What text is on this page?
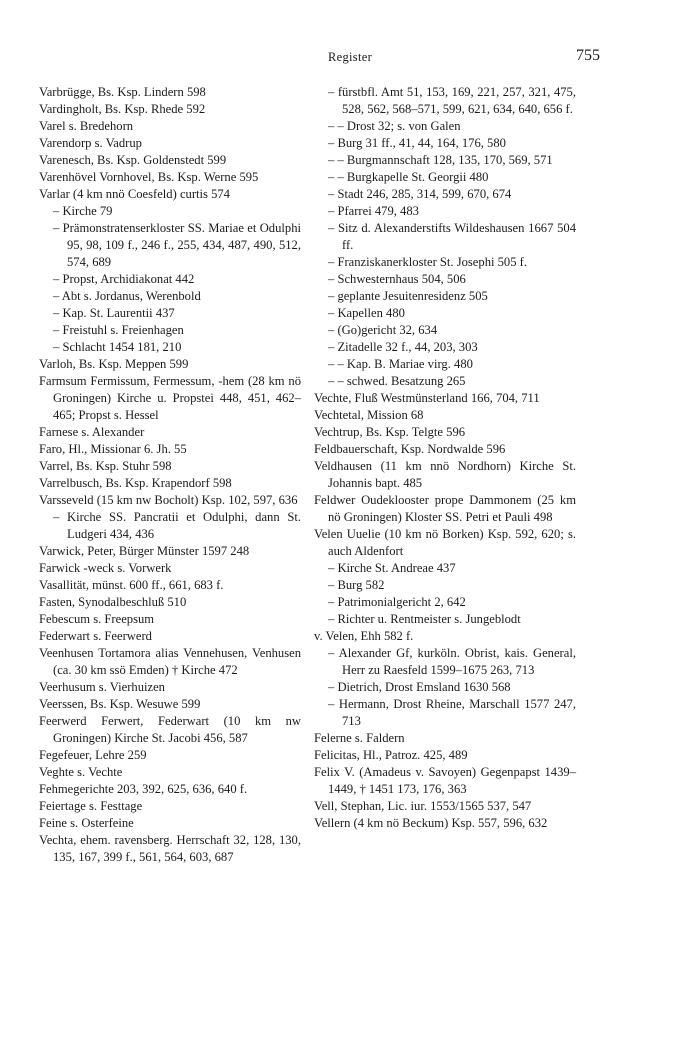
Register	755
Varbrügge, Bs. Ksp. Lindern 598
Vardingholt, Bs. Ksp. Rhede 592
Varel s. Bredehorn
Varendorp s. Vadrup
Varenesch, Bs. Ksp. Goldenstedt 599
Varenhövel Vornhovel, Bs. Ksp. Werne 595
Varlar (4 km nnö Coesfeld) curtis 574
– Kirche 79
– Prämonstratenserkloster SS. Mariae et Odulphi 95, 98, 109 f., 246 f., 255, 434, 487, 490, 512, 574, 689
– Propst, Archidiakonat 442
– Abt s. Jordanus, Werenbold
– Kap. St. Laurentii 437
– Freistuhl s. Freienhagen
– Schlacht 1454 181, 210
Varloh, Bs. Ksp. Meppen 599
Farmsum Fermissum, Fermessum, -hem (28 km nö Groningen) Kirche u. Propstei 448, 451, 462–465; Propst s. Hessel
Farnese s. Alexander
Faro, Hl., Missionar 6. Jh. 55
Varrel, Bs. Ksp. Stuhr 598
Varrelbusch, Bs. Ksp. Krapendorf 598
Varsseveld (15 km nw Bocholt) Ksp. 102, 597, 636
– Kirche SS. Pancratii et Odulphi, dann St. Ludgeri 434, 436
Varwick, Peter, Bürger Münster 1597 248
Farwick -weck s. Vorwerk
Vasallität, münst. 600 ff., 661, 683 f.
Fasten, Synodalbeschluß 510
Febescum s. Freepsum
Federwart s. Feerwerd
Veenhusen Tortamora alias Vennehusen, Venhusen (ca. 30 km ssö Emden) † Kirche 472
Veerhusum s. Vierhuizen
Veerssen, Bs. Ksp. Wesuwe 599
Feerwerd Ferwert, Federwart (10 km nw Groningen) Kirche St. Jacobi 456, 587
Fegefeuer, Lehre 259
Veghte s. Vechte
Fehmegerichte 203, 392, 625, 636, 640 f.
Feiertage s. Festtage
Feine s. Osterfeine
Vechta, ehem. ravensberg. Herrschaft 32, 128, 130, 135, 167, 399 f., 561, 564, 603, 687
– fürstbfl. Amt 51, 153, 169, 221, 257, 321, 475, 528, 562, 568–571, 599, 621, 634, 640, 656 f.
– – Drost 32; s. von Galen
– Burg 31 ff., 41, 44, 164, 176, 580
– – Burgmannschaft 128, 135, 170, 569, 571
– – Burgkapelle St. Georgii 480
– Stadt 246, 285, 314, 599, 670, 674
– Pfarrei 479, 483
– Sitz d. Alexanderstifts Wildeshausen 1667 504 ff.
– Franziskanerkloster St. Josephi 505 f.
– Schwesternhaus 504, 506
– geplante Jesuitenresidenz 505
– Kapellen 480
– (Go)gericht 32, 634
– Zitadelle 32 f., 44, 203, 303
– – Kap. B. Mariae virg. 480
– – schwed. Besatzung 265
Vechte, Fluß Westmünsterland 166, 704, 711
Vechtetal, Mission 68
Vechtrup, Bs. Ksp. Telgte 596
Feldbauerschaft, Ksp. Nordwalde 596
Veldhausen (11 km nnö Nordhorn) Kirche St. Johannis bapt. 485
Feldwer Oudeklooster prope Dammonem (25 km nö Groningen) Kloster SS. Petri et Pauli 498
Velen Uuelie (10 km nö Borken) Ksp. 592, 620; s. auch Aldenfort
– Kirche St. Andreae 437
– Burg 582
– Patrimonialgericht 2, 642
– Richter u. Rentmeister s. Jungeblodt
v. Velen, Ehh 582 f.
– Alexander Gf, kurköln. Obrist, kais. General, Herr zu Raesfeld 1599–1675 263, 713
– Dietrich, Drost Emsland 1630 568
– Hermann, Drost Rheine, Marschall 1577 247, 713
Felerne s. Faldern
Felicitas, Hl., Patroz. 425, 489
Felix V. (Amadeus v. Savoyen) Gegenpapst 1439–1449, † 1451 173, 176, 363
Vell, Stephan, Lic. iur. 1553/1565 537, 547
Vellern (4 km nö Beckum) Ksp. 557, 596, 632
